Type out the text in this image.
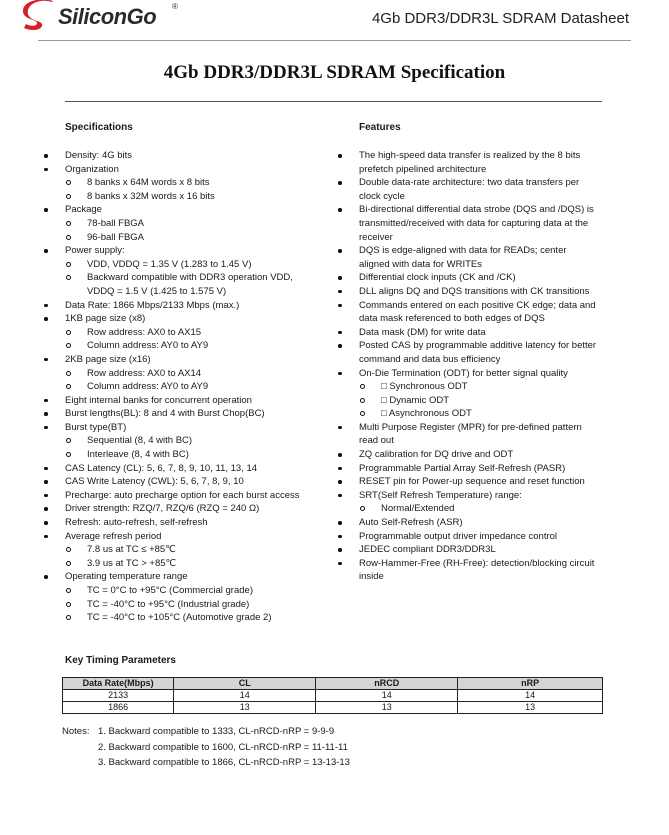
SiliconGo ®
4Gb DDR3/DDR3L SDRAM Datasheet
4Gb DDR3/DDR3L SDRAM Specification
Specifications
Density: 4G bits
Organization
8 banks x 64M words x 8 bits
8 banks x 32M words x 16 bits
Package
78-ball FBGA
96-ball FBGA
Power supply:
VDD, VDDQ = 1.35 V (1.283 to 1.45 V)
Backward compatible with DDR3 operation VDD, VDDQ = 1.5 V (1.425 to 1.575 V)
Data Rate: 1866 Mbps/2133 Mbps (max.)
1KB page size (x8)
Row address: AX0 to AX15
Column address: AY0 to AY9
2KB page size (x16)
Row address: AX0 to AX14
Column address: AY0 to AY9
Eight internal banks for concurrent operation
Burst lengths(BL): 8 and 4 with Burst Chop(BC)
Burst type(BT)
Sequential (8, 4 with BC)
Interleave (8, 4 with BC)
CAS Latency (CL): 5, 6, 7, 8, 9, 10, 11, 13, 14
CAS Write Latency (CWL): 5, 6, 7, 8, 9, 10
Precharge: auto precharge option for each burst access
Driver strength: RZQ/7, RZQ/6 (RZQ = 240 Ω)
Refresh: auto-refresh, self-refresh
Average refresh period
7.8 us at TC ≤ +85℃
3.9 us at TC > +85℃
Operating temperature range
TC = 0°C to +95°C (Commercial grade)
TC = -40°C to +95°C (Industrial grade)
TC = -40°C to +105°C (Automotive grade 2)
Features
The high-speed data transfer is realized by the 8 bits prefetch pipelined architecture
Double data-rate architecture: two data transfers per clock cycle
Bi-directional differential data strobe (DQS and /DQS) is transmitted/received with data for capturing data at the receiver
DQS is edge-aligned with data for READs; center aligned with data for WRITEs
Differential clock inputs (CK and /CK)
DLL aligns DQ and DQS transitions with CK transitions
Commands entered on each positive CK edge; data and data mask referenced to both edges of DQS
Data mask (DM) for write data
Posted CAS by programmable additive latency for better command and data bus efficiency
On-Die Termination (ODT) for better signal quality
□ Synchronous ODT
□ Dynamic ODT
□ Asynchronous ODT
Multi Purpose Register (MPR) for pre-defined pattern read out
ZQ calibration for DQ drive and ODT
Programmable Partial Array Self-Refresh (PASR)
RESET pin for Power-up sequence and reset function
SRT(Self Refresh Temperature) range:
Normal/Extended
Auto Self-Refresh (ASR)
Programmable output driver impedance control
JEDEC compliant DDR3/DDR3L
Row-Hammer-Free (RH-Free): detection/blocking circuit inside
Key Timing Parameters
Data Rate(Mbps)	CL	nRCD	nRP
2133	14	14	14
1866	13	13	13
Notes: 1. Backward compatible to 1333, CL-nRCD-nRP = 9-9-9
2. Backward compatible to 1600, CL-nRCD-nRP = 11-11-11
3. Backward compatible to 1866, CL-nRCD-nRP = 13-13-13
